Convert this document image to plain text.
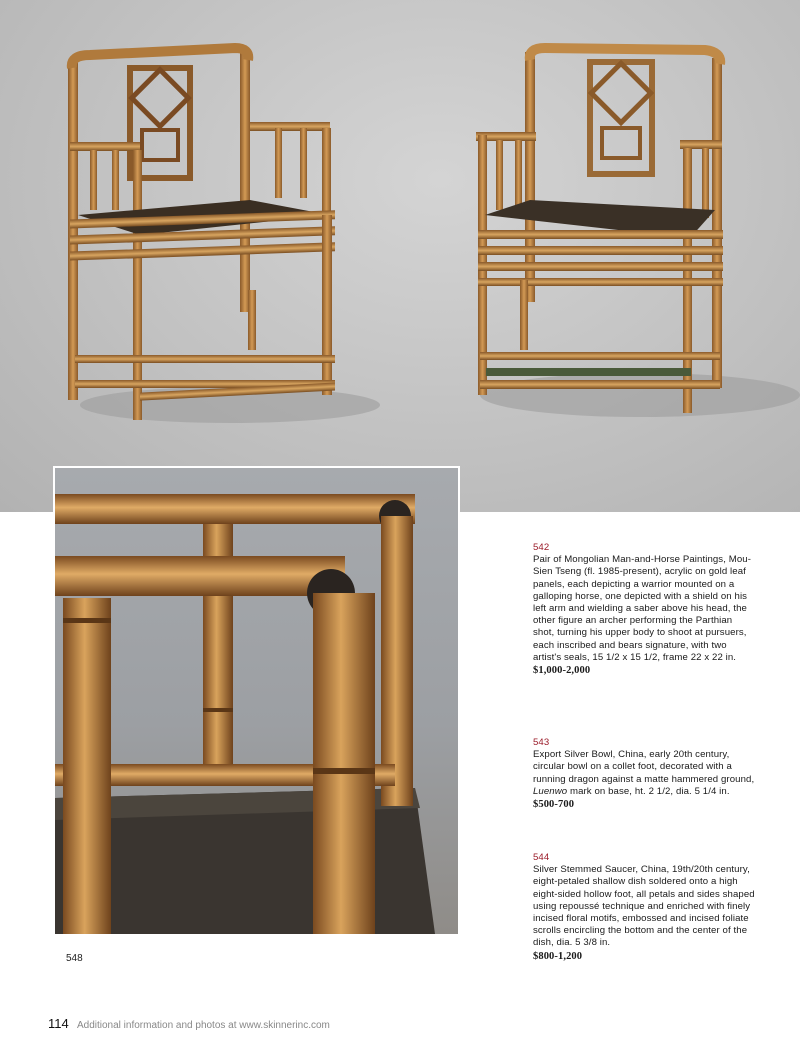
548
542
Pair of Mongolian Man-and-Horse Paintings, Mou-Sien Tseng (fl. 1985-present), acrylic on gold leaf panels, each depicting a warrior mounted on a galloping horse, one depicted with a shield on his left arm and wielding a saber above his head, the other figure an archer performing the Parthian shot, turning his upper body to shoot at pursuers, each inscribed and bears signature, with two artist's seals, 15 1/2 x 15 1/2, frame 22 x 22 in.
$1,000-2,000
543
Export Silver Bowl, China, early 20th century, circular bowl on a collet foot, decorated with a running dragon against a matte hammered ground, Luenwo mark on base, ht. 2 1/2, dia. 5 1/4 in.
$500-700
544
Silver Stemmed Saucer, China, 19th/20th century, eight-petaled shallow dish soldered onto a high eight-sided hollow foot, all petals and sides shaped using repoussé technique and enriched with finely incised floral motifs, embossed and incised foliate scrolls encircling the bottom and the center of the dish, dia. 5 3/8 in.
$800-1,200
114 Additional information and photos at www.skinnerinc.com
